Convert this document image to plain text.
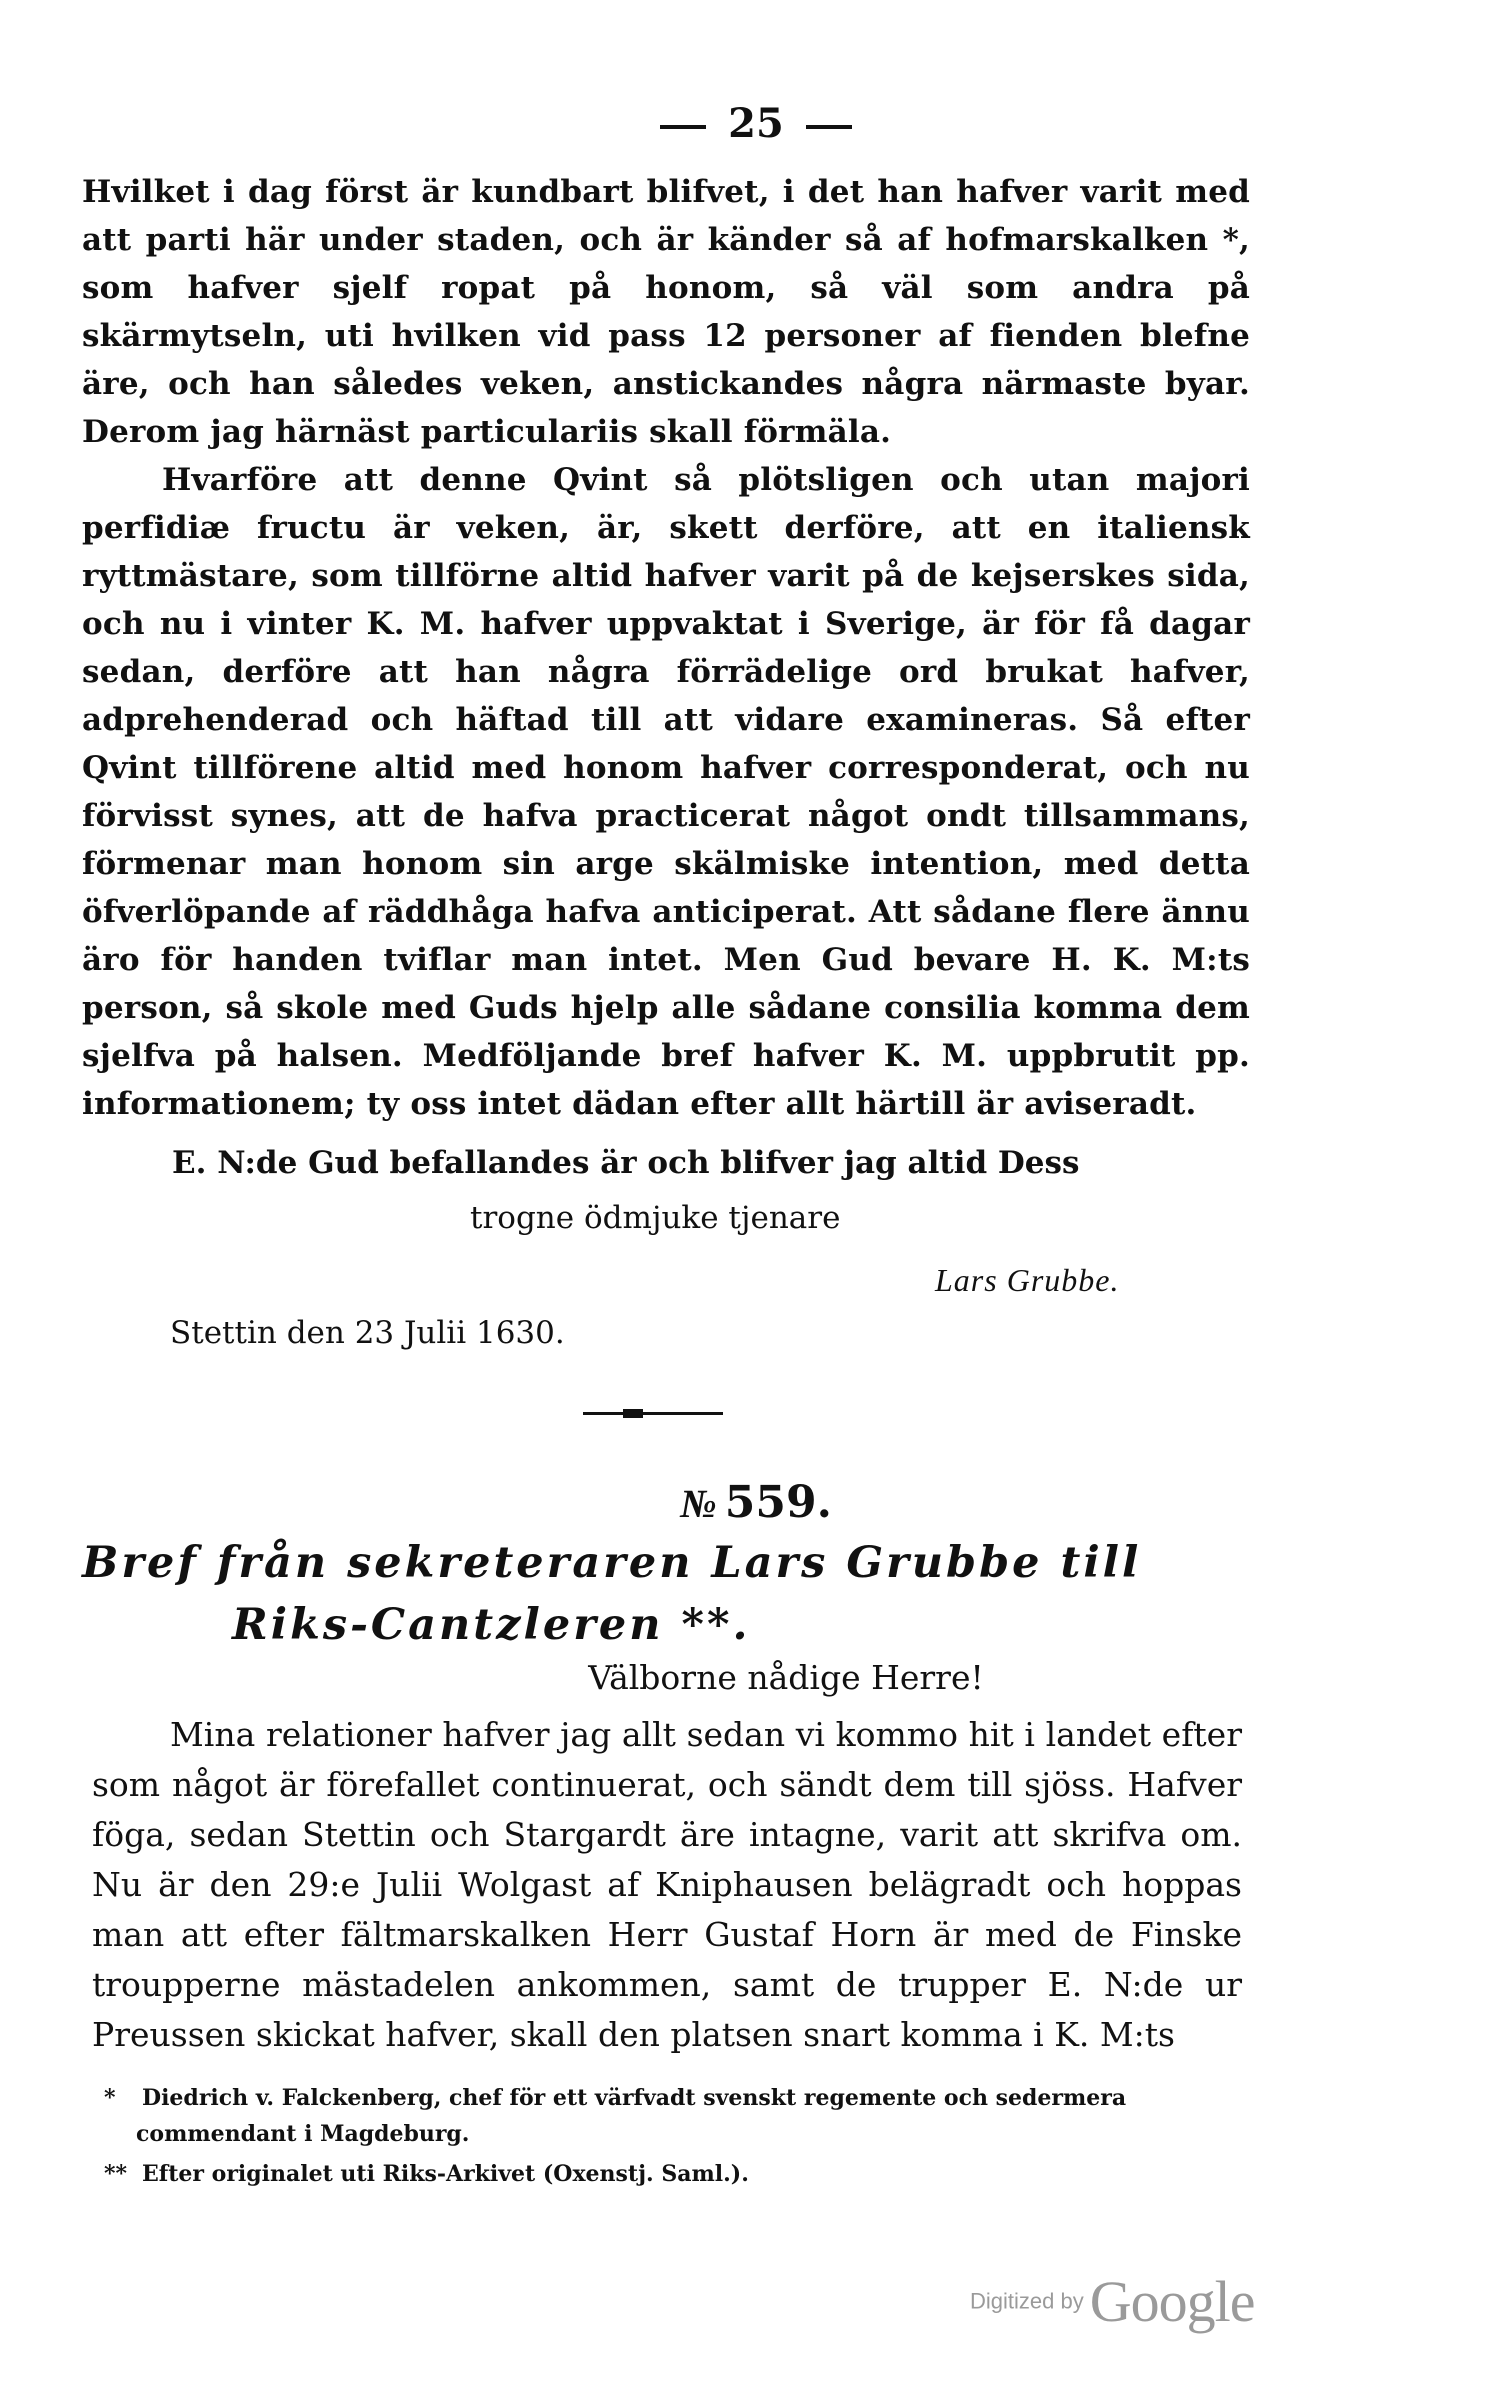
25

Hvilket i dag först är kundbart blifvet, i det han hafver varit med att parti här under staden, och är känder så af hofmarskalken *, som hafver sjelf ropat på honom, så väl som andra på skärmytseln, uti hvilken vid pass 12 personer af fienden blefne äre, och han således veken, anstickandes några närmaste byar. Derom jag härnäst particulariis skall förmäla.

Hvarföre att denne Qvint så plötsligen och utan majori perfidiæ fructu är veken, är, skett derföre, att en italiensk ryttmästare, som tillförne altid hafver varit på de kejserskes sida, och nu i vinter K. M. hafver uppvaktat i Sverige, är för få dagar sedan, derföre att han några förrädelige ord brukat hafver, adprehenderad och häftad till att vidare examineras. Så efter Qvint tillförene altid med honom hafver corresponderat, och nu förvisst synes, att de hafva practicerat något ondt tillsammans, förmenar man honom sin arge skälmiske intention, med detta öfverlöpande af räddhåga hafva anticiperat. Att sådane flere ännu äro för handen tviflar man intet. Men Gud bevare H. K. M:ts person, så skole med Guds hjelp alle sådane consilia komma dem sjelfva på halsen. Medföljande bref hafver K. M. uppbrutit pp. informationem; ty oss intet dädan efter allt härtill är aviseradt.

E. N:de Gud befallandes är och blifver jag altid Dess
trogne ödmjuke tjenare
Lars Grubbe.
Stettin den 23 Julii 1630.
№ 559.
Bref från sekreteraren Lars Grubbe till
Riks-Cantzleren **.
Välborne nådige Herre!

Mina relationer hafver jag allt sedan vi kommo hit i landet efter som något är förefallet continuerat, och sändt dem till sjöss. Hafver föga, sedan Stettin och Stargardt äre intagne, varit att skrifva om. Nu är den 29:e Julii Wolgast af Kniphausen belägradt och hoppas man att efter fältmarskalken Herr Gustaf Horn är med de Finske troupperne mästadelen ankommen, samt de trupper E. N:de ur Preussen skickat hafver, skall den platsen snart komma i K. M:ts

* Diedrich v. Falckenberg, chef för ett värfvadt svenskt regemente och sedermera commendant i Magdeburg.
** Efter originalet uti Riks-Arkivet (Oxenstj. Saml.).
Digitized by Google
